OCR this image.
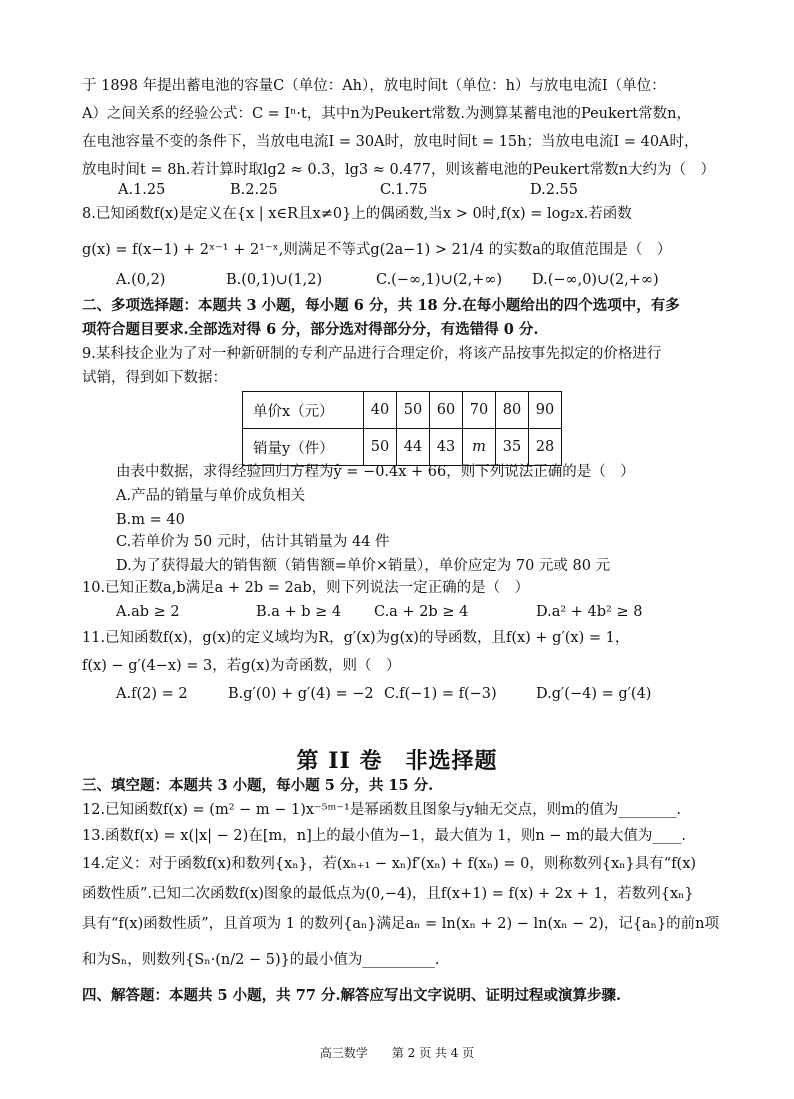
于 1898 年提出蓄电池的容量C（单位：Ah），放电时间t（单位：h）与放电电流I（单位：
A）之间关系的经验公式：C = Iⁿ·t，其中n为Peukert常数.为测算某蓄电池的Peukert常数n，
在电池容量不变的条件下，当放电电流I = 30A时，放电时间t = 15h；当放电电流I = 40A时，
放电时间t = 8h.若计算时取lg2 ≈ 0.3，lg3 ≈ 0.477，则该蓄电池的Peukert常数n大约为（　）
A.1.25	B.2.25	C.1.75	D.2.55
8.已知函数f(x)是定义在{x | x∈R且x≠0}上的偶函数,当x > 0时,f(x) = log₂x.若函数
g(x) = f(x−1) + 2ˣ⁻¹ + 2¹⁻ˣ,则满足不等式g(2a−1) > 21/4 的实数a的取值范围是（　）
A.(0,2)	B.(0,1)∪(1,2)	C.(−∞,1)∪(2,+∞) D.(−∞,0)∪(2,+∞)
二、多项选择题：本题共 3 小题，每小题 6 分，共 18 分.在每小题给出的四个选项中，有多
项符合题目要求.全部选对得 6 分，部分选对得部分分，有选错得 0 分.
9.某科技企业为了对一种新研制的专利产品进行合理定价，将该产品按事先拟定的价格进行
试销，得到如下数据：
单价x（元）	40	50	60	70	80	90
销量y（件）	50	44	43	m	35	28
由表中数据，求得经验回归方程为ŷ = −0.4x + 66，则下列说法正确的是（　）
A.产品的销量与单价成负相关
B.m = 40
C.若单价为 50 元时，估计其销量为 44 件
D.为了获得最大的销售额（销售额=单价×销量），单价应定为 70 元或 80 元
10.已知正数a,b满足a + 2b = 2ab，则下列说法一定正确的是（　）
A.ab ≥ 2	B.a + b ≥ 4 C.a + 2b ≥ 4	D.a² + 4b² ≥ 8
11.已知函数f(x)，g(x)的定义域均为R，g′(x)为g(x)的导函数，且f(x) + g′(x) = 1，
f(x) − g′(4−x) = 3，若g(x)为奇函数，则（　）
A.f(2) = 2	B.g′(0) + g′(4) = −2 C.f(−1) = f(−3)	D.g′(−4) = g′(4)
第 II 卷　非选择题
三、填空题：本题共 3 小题，每小题 5 分，共 15 分.
12.已知函数f(x) = (m² − m − 1)x⁻⁵ᵐ⁻¹是幂函数且图象与y轴无交点，则m的值为________.
13.函数f(x) = x(|x| − 2)在[m，n]上的最小值为−1，最大值为 1，则n − m的最大值为____.
14.定义：对于函数f(x)和数列{xₙ}，若(xₙ₊₁ − xₙ)f′(xₙ) + f(xₙ) = 0，则称数列{xₙ}具有“f(x)
函数性质”.已知二次函数f(x)图象的最低点为(0,−4)，且f(x+1) = f(x) + 2x + 1，若数列{xₙ}
具有“f(x)函数性质”，且首项为 1 的数列{aₙ}满足aₙ = ln(xₙ + 2) − ln(xₙ − 2)，记{aₙ}的前n项
和为Sₙ，则数列{Sₙ·(n/2 − 5)}的最小值为__________.
四、解答题：本题共 5 小题，共 77 分.解答应写出文字说明、证明过程或演算步骤.
高三数学　　第 2 页 共 4 页
